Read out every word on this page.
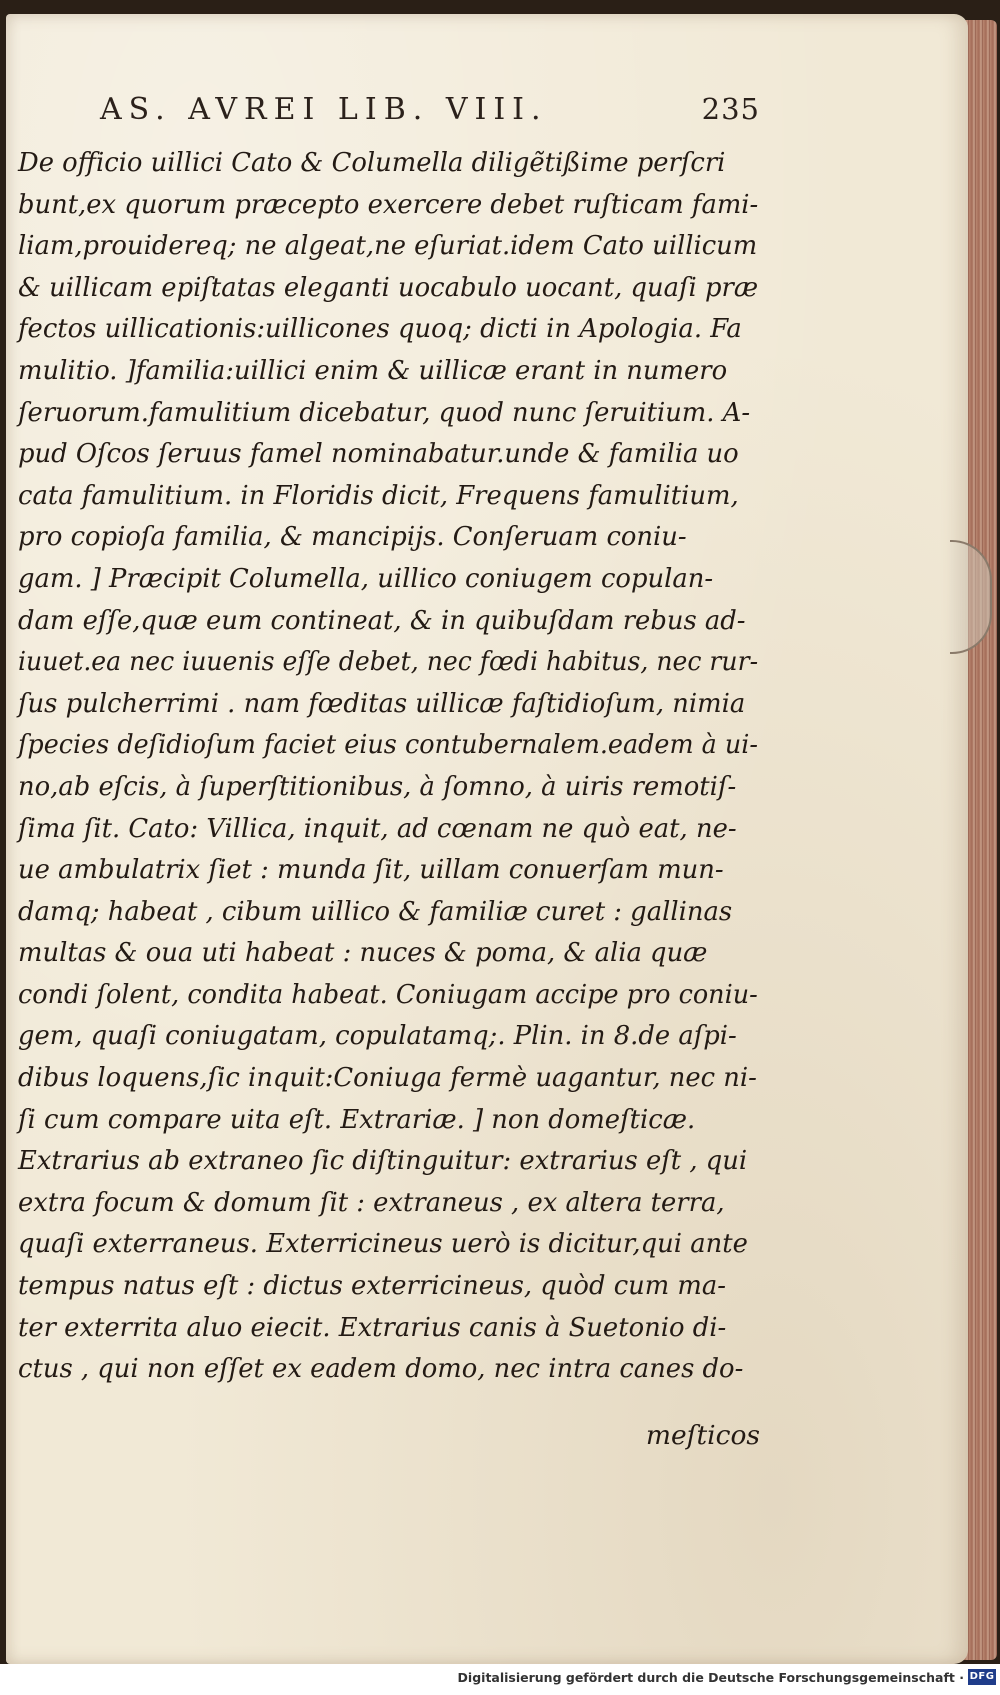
AS. AVREI LIB. VIII.	235
De officio uillici Cato & Columella diligẽtißime perſcri
bunt,ex quorum præcepto exercere debet ruſticam fami-
liam,prouidereq; ne algeat,ne eſuriat.idem Cato uillicum
& uillicam epiſtatas eleganti uocabulo uocant, quaſi præ
fectos uillicationis:uillicones quoq; dicti in Apologia. Fa
mulitio. ]familia:uillici enim & uillicæ erant in numero
ſeruorum.famulitium dicebatur, quod nunc ſeruitium. A-
pud Oſcos ſeruus famel nominabatur.unde & familia uo
cata famulitium. in Floridis dicit, Frequens famulitium,
pro copioſa familia, & mancipijs. Conſeruam coniu-
gam. ] Præcipit Columella, uillico coniugem copulan-
dam eſſe,quæ eum contineat, & in quibuſdam rebus ad-
iuuet.ea nec iuuenis eſſe debet, nec fœdi habitus, nec rur-
ſus pulcherrimi . nam fœditas uillicæ faſtidioſum, nimia
ſpecies deſidioſum faciet eius contubernalem.eadem à ui-
no,ab eſcis, à ſuperſtitionibus, à ſomno, à uiris remotiſ-
ſima ſit. Cato: Villica, inquit, ad cœnam ne quò eat, ne-
ue ambulatrix ſiet : munda ſit, uillam conuerſam mun-
damq; habeat , cibum uillico & familiæ curet : gallinas
multas & oua uti habeat : nuces & poma, & alia quæ
condi ſolent, condita habeat. Coniugam accipe pro coniu-
gem, quaſi coniugatam, copulatamq;. Plin. in 8.de aſpi-
dibus loquens,ſic inquit:Coniuga fermè uagantur, nec ni-
ſi cum compare uita eſt. Extrariæ. ] non domeſticæ.
Extrarius ab extraneo ſic diſtinguitur: extrarius eſt , qui
extra focum & domum ſit : extraneus , ex altera terra,
quaſi exterraneus. Exterricineus uerò is dicitur,qui ante
tempus natus eſt : dictus exterricineus, quòd cum ma-
ter exterrita aluo eiecit. Extrarius canis à Suetonio di-
ctus , qui non eſſet ex eadem domo, nec intra canes do-
meſticos
Digitalisierung gefördert durch die Deutsche Forschungsgemeinschaft · DFG
